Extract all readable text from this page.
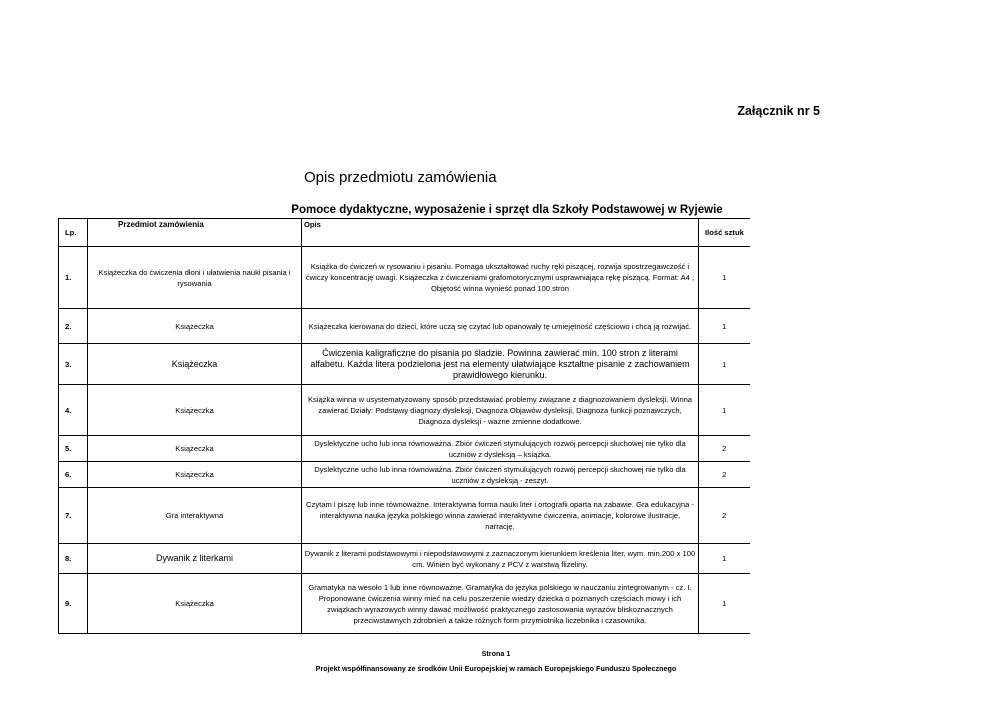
Załącznik nr 5
Opis przedmiotu zamówienia
Pomoce dydaktyczne, wyposażenie i sprzęt dla Szkoły Podstawowej w Ryjewie
Lp.	Przedmiot zamówienia	Opis	Ilość sztuk
1.	Książeczka do ćwiczenia dłoni i ułatwienia nauki pisania i rysowania	Książka do ćwiczeń w rysowaniu i pisaniu. Pomaga ukształtować ruchy ręki piszącej, rozwija spostrzegawczość i ćwiczy koncentrację uwagi. Książeczka z ćwiczeniami grafomotorycznymi usprawniająca rękę piszącą. Format: A4 ; Objętość winna wynieść ponad 100 stron	1
2.	Książeczka	Książeczka kierowana do dzieci, które uczą się czytać lub opanowały tę umiejętność częściowo i chcą ją rozwijać.	1
3.	Książeczka	Ćwiczenia kaligraficzne do pisania po śladzie. Powinna zawierać min. 100 stron z literami alfabetu. Każda litera podzielona jest na elementy ułatwiające kształtne pisanie z zachowaniem prawidłowego kierunku.	1
4.	Książeczka	Książka winna w usystematyzowany sposób przedstawiać problemy związane z diagnozowaniem dysleksji. Winna zawierać Działy: Podstawy diagnozy dysleksji, Diagnoza Objawów dysleksji, Diagnoza funkcji poznawczych, Diagnoza dysleksji - ważne zmienne dodatkowe.	1
5.	Książeczka	Dyslektyczne ucho lub inna równoważna. Zbiór ćwiczeń stymulujących rozwój percepcji słuchowej nie tylko dla uczniów z dysleksją – książka.	2
6.	Książeczka	Dyslektyczne ucho lub inna równoważna. Zbiór ćwiczeń stymulujących rozwój percepcji słuchowej nie tylko dla uczniów z dysleksją - zeszyt.	2
7.	Gra interaktywna	Czytam i piszę lub inne równoważne. Interaktywna forma nauki liter i ortografii oparta na zabawie. Gra edukacyjna - interaktywna nauka języka polskiego winna zawierać interaktywne ćwiczenia, animacje, kolorowe ilustracje, narrację.	2
8.	Dywanik z literkami	Dywanik z literami podstawowymi i niepodstawowymi z zaznaczonym kierunkiem kreślenia liter, wym. min.200 x 100 cm. Winien być wykonany z PCV z warstwą flizeliny.	1
9.	Książeczka	Gramatyka na wesoło 1 lub inne równoważne. Gramatyka do języka polskiego w nauczaniu zintegrowanym - cz. I. Proponowane ćwiczenia winny mieć na celu poszerzenie wiedzy dziecka o poznanych częściach mowy i ich związkach wyrazowych winny dawać możliwość praktycznego zastosowania wyrazów bliskoznacznych przeciwstawnych zdrobnień a także różnych form przymiotnika liczebnika i czasownika.	1
Strona 1
Projekt współfinansowany ze środków Unii Europejskiej w ramach Europejskiego Funduszu Społecznego
